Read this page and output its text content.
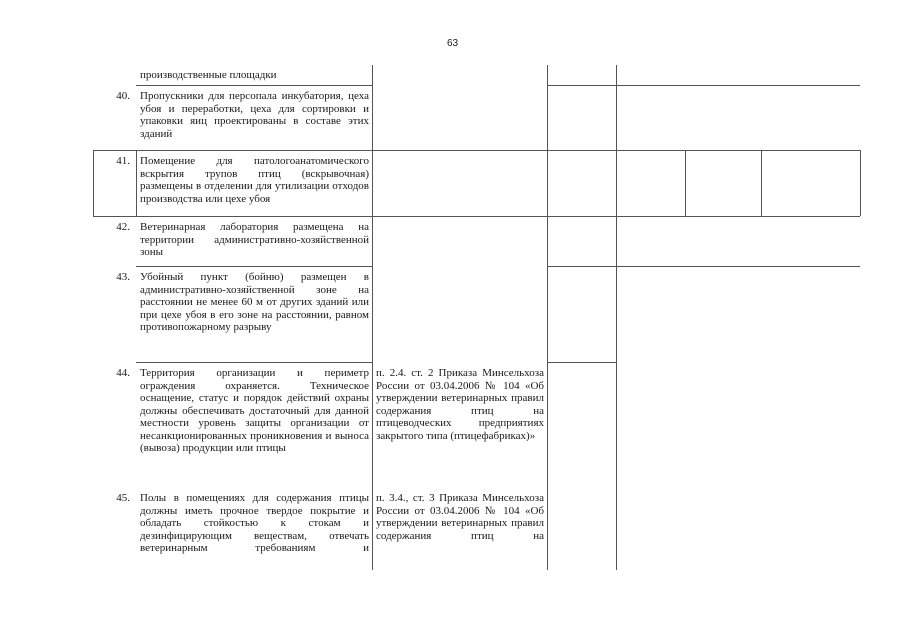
63
производственные площадки
40. Пропускники для персопала инкубатория, цеха убоя и переработки, цеха для сортировки и упаковки яиц проектированы в составе этих зданий
41. Помещение для патологоанатомического вскрытия трупов птиц (вскрывочная) размещены в отделении для утилизации отходов производства или цехе убоя
42. Ветеринарная лаборатория размещена на территории административно-хозяйственной зоны
43. Убойный пункт (бойню) размещен в административно-хозяйственной зоне на расстоянии не менее 60 м от других зданий или при цехе убоя в его зоне на расстоянии, равном противопожарному разрыву
44. Территория организации и периметр ограждения охраняется. Техническое оснащение, статус и порядок действий охраны должны обеспечивать достаточный для данной местности уровень защиты организации от несанкционированных проникновения и выноса (вывоза) продукции или птицы
п. 2.4. ст. 2 Приказа Минсельхоза России от 03.04.2006 № 104 «Об утверждении ветеринарных правил содержания птиц на птицеводческих предприятиях закрытого типа (птицефабриках)»
45. Полы в помещениях для содержания птицы должны иметь прочное твердое покрытие и обладать стойкостью к стокам и дезинфицирующим веществам, отвечать ветеринарным требованиям и
п. 3.4., ст. 3 Приказа Минсельхоза России от 03.04.2006 № 104 «Об утверждении ветеринарных правил содержания птиц на
